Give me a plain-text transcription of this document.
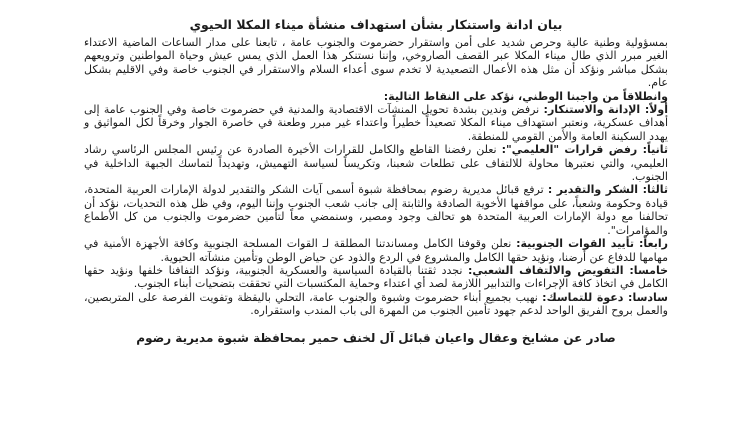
بيان ادانة واستنكار بشأن استهداف منشأة ميناء المكلا الحيوي

بمسؤولية وطنية عالية وحرص شديد على أمن واستقرار حضرموت والجنوب عامة ، تابعنا على مدار الساعات الماضية الاعتداء الغير مبرر الذي طال ميناء المكلا عبر القصف الصاروخي, وإننا نستنكر هذا العمل الذي يمس عيش وحياة المواطنين وترويعهم بشكل مباشر ونؤكد أن مثل هذه الأعمال التصعيدية لا تخدم سوى أعداء السلام والاستقرار في الجنوب خاصة وفي الاقليم بشكل عام.

وانطلاقاً من واجبنا الوطني، نؤكد على النقاط التالية:

أولاً: الإدانة والاستنكار: نرفض وندين بشدة تحويل المنشآت الاقتصادية والمدنية في حضرموت خاصة وفي الجنوب عامة إلى أهداف عسكرية، ونعتبر استهداف ميناء المكلا تصعيداً خطيراً واعتداء غير مبرر وطعنة في خاصرة الجوار وخرقاً لكل المواثيق و يهدد السكينة العامة والأمن القومي للمنطقة.

ثانياً: رفض قرارات "العليمي": نعلن رفضنا القاطع والكامل للقرارات الأخيرة الصادرة عن رئيس المجلس الرئاسي رشاد العليمي، والتي نعتبرها محاولة للالتفاف على تطلعات شعبنا، وتكريساً لسياسة التهميش، وتهديداً لتماسك الجبهة الداخلية في الجنوب.

ثالثا: الشكر والتقدير : ترفع قبائل مديرية رضوم بمحافظة شبوة أسمى آيات الشكر والتقدير لدولة الإمارات العربية المتحدة، قيادة وحكومة وشعباً، على مواقفها الأخوية الصادقة والثابتة إلى جانب شعب الجنوب وإننا اليوم، وفي ظل هذه التحديات، نؤكد أن تحالفنا مع دولة الإمارات العربية المتحدة هو تحالف وجود ومصير، وسنمضي معاً لتأمين حضرموت والجنوب من كل الأطماع والمؤامرات".

رابعاً: تأييد القوات الجنوبية: نعلن وقوفنا الكامل ومساندتنا المطلقة لـ القوات المسلحة الجنوبية وكافة الأجهزة الأمنية في مهامها للدفاع عن أرضنا، ونؤيد حقها الكامل والمشروع في الردع والذود عن حياض الوطن وتأمين منشآته الحيوية.

خامسا: التفويض والالتفاف الشعبي: نجدد ثقتنا بالقيادة السياسية والعسكرية الجنوبية، ونؤكد التفافنا خلفها ونؤيد حقها الكامل في اتخاذ كافة الإجراءات والتدابير اللازمة لصد أي اعتداء وحماية المكتسبات التي تحققت بتضحيات أبناء الجنوب.

سادسا: دعوة للتماسك: نهيب بجميع أبناء حضرموت وشبوة والجنوب عامة، التحلي باليقظة وتفويت الفرصة على المتربصين، والعمل بروح الفريق الواحد لدعم جهود تأمين الجنوب من المهرة الى باب المندب واستقراره.

صادر عن مشايخ وعقال واعيان قبائل آل لخنف حمير بمحافظة شبوة مديرية رضوم
